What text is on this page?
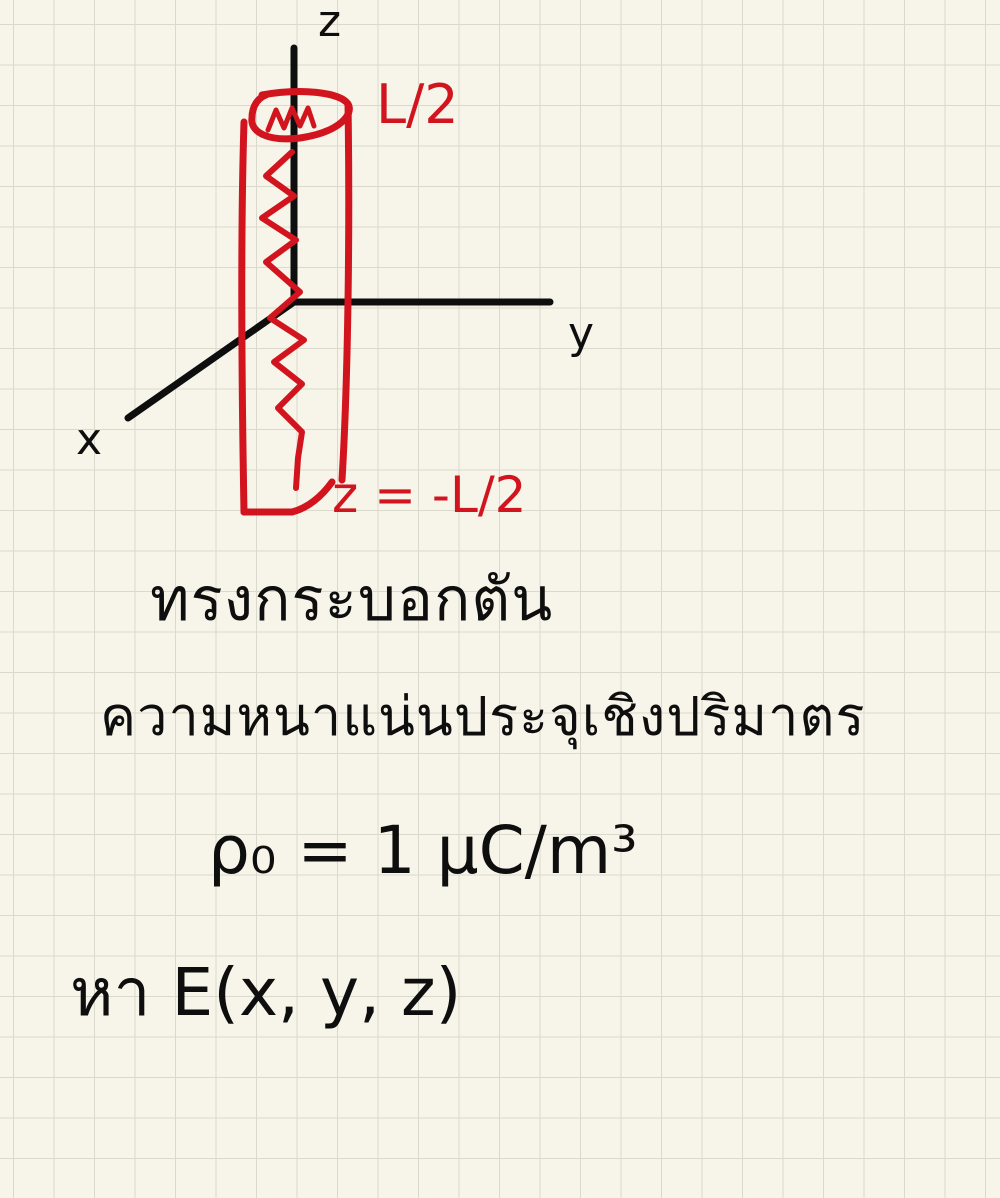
z

y

x

L/2

z = -L/2

ทรงกระบอกตัน

ความหนาแน่นประจุเชิงปริมาตร

ρ₀ = 1 μC/m³

หา E(x, y, z)
